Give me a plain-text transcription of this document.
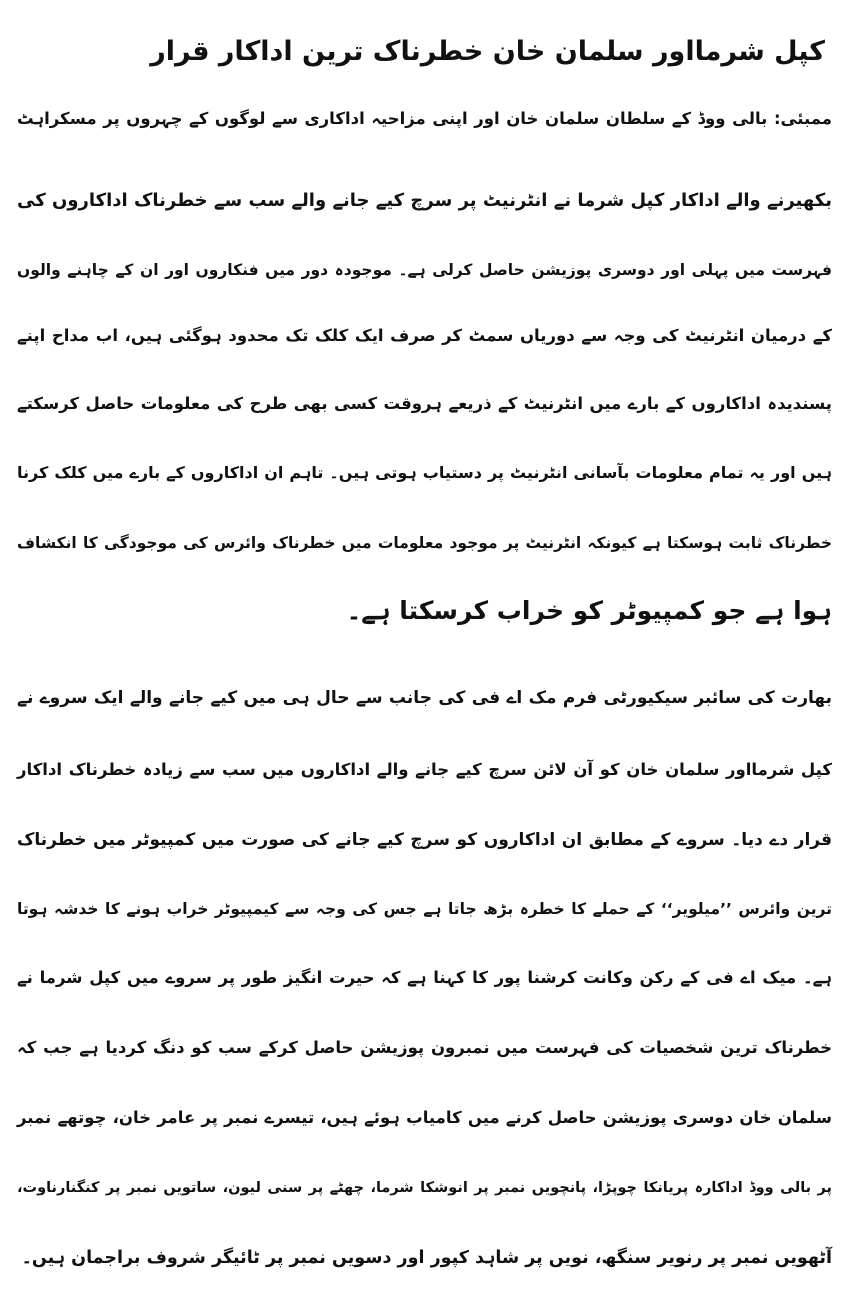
کپل شرمااور سلمان خان خطرناک ترین اداکار قرار
ممبئی: بالی ووڈ کے سلطان سلمان خان اور اپنی مزاحیہ اداکاری سے لوگوں کے چہروں پر مسکراہٹ
بکھیرنے والے اداکار کپل شرما نے انٹرنیٹ پر سرچ کیے جانے والے سب سے خطرناک اداکاروں کی
فہرست میں پہلی اور دوسری پوزیشن حاصل کرلی ہے۔ موجودہ دور میں فنکاروں اور ان کے چاہنے والوں
کے درمیان انٹرنیٹ کی وجہ سے دوریاں سمٹ کر صرف ایک کلک تک محدود ہوگئی ہیں، اب مداح اپنے
پسندیدہ اداکاروں کے بارے میں انٹرنیٹ کے ذریعے ہروقت کسی بھی طرح کی معلومات حاصل کرسکتے
ہیں اور یہ تمام معلومات بآسانی انٹرنیٹ پر دستیاب ہوتی ہیں۔ تاہم ان اداکاروں کے بارے میں کلک کرنا
خطرناک ثابت ہوسکتا ہے کیونکہ انٹرنیٹ پر موجود معلومات میں خطرناک وائرس کی موجودگی کا انکشاف
ہوا ہے جو کمپیوٹر کو خراب کرسکتا ہے۔
بھارت کی سائبر سیکیورٹی فرم مک اے فی کی جانب سے حال ہی میں کیے جانے والے ایک سروے نے
کپل شرمااور سلمان خان کو آن لائن سرچ کیے جانے والے اداکاروں میں سب سے زیادہ خطرناک اداکار
قرار دے دیا۔ سروے کے مطابق ان اداکاروں کو سرچ کیے جانے کی صورت میں کمپیوٹر میں خطرناک
ترین وائرس ’’میلویر‘‘ کے حملے کا خطرہ بڑھ جاتا ہے جس کی وجہ سے کیمپیوٹر خراب ہونے کا خدشہ ہوتا
ہے۔ میک اے فی کے رکن وکانت کرشنا پور کا کہنا ہے کہ حیرت انگیز طور پر سروے میں کپل شرما نے
خطرناک ترین شخصیات کی فہرست میں نمبرون پوزیشن حاصل کرکے سب کو دنگ کردیا ہے جب کہ
سلمان خان دوسری پوزیشن حاصل کرنے میں کامیاب ہوئے ہیں، تیسرے نمبر پر عامر خان، چوتھے نمبر
پر بالی ووڈ اداکارہ پریانکا چوپڑا، پانچویں نمبر پر انوشکا شرما، چھٹے پر سنی لیون، ساتویں نمبر پر کنگنارناوت،
آٹھویں نمبر پر رنویر سنگھ، نویں پر شاہد کپور اور دسویں نمبر پر ٹائیگر شروف براجمان ہیں۔
